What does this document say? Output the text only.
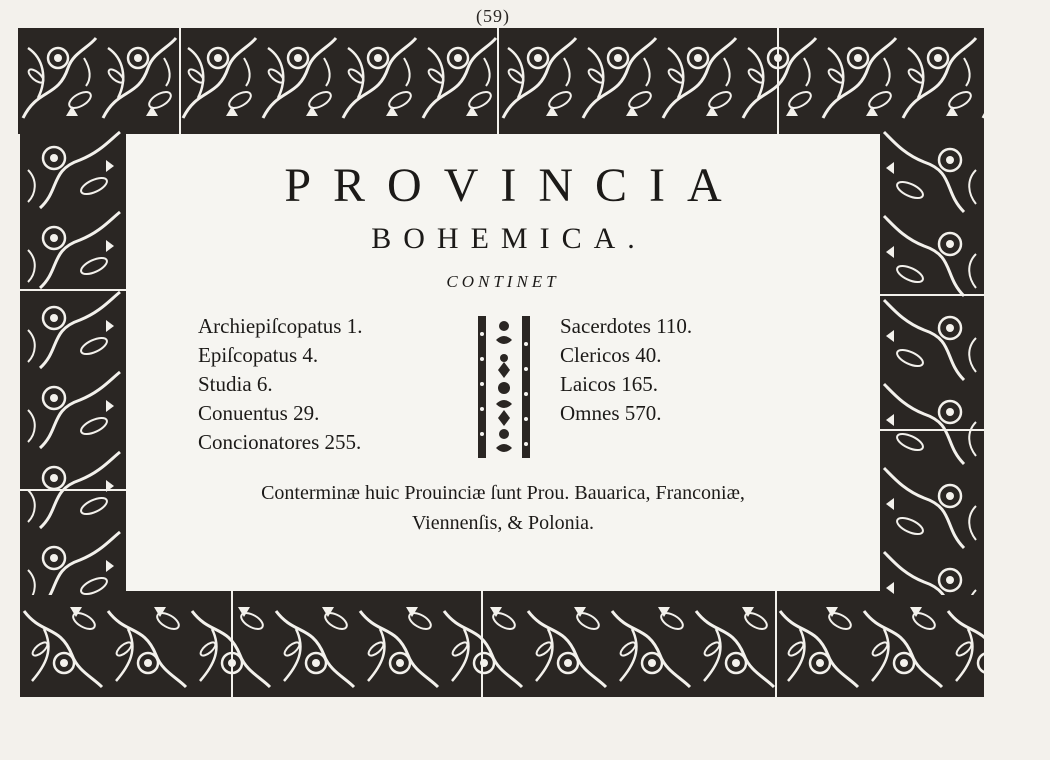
(59)
PROVINCIA
BOHEMICA.
CONTINET
Archiepiſcopatus 1.
Epiſcopatus 4.
Studia 6.
Conuentus 29.
Concionatores 255.
Sacerdotes 110.
Clericos 40.
Laicos 165.
Omnes 570.
Conterminæ huic Prouinciæ ſunt Prou. Bauarica, Franconiæ,
Viennenſis, & Polonia.
